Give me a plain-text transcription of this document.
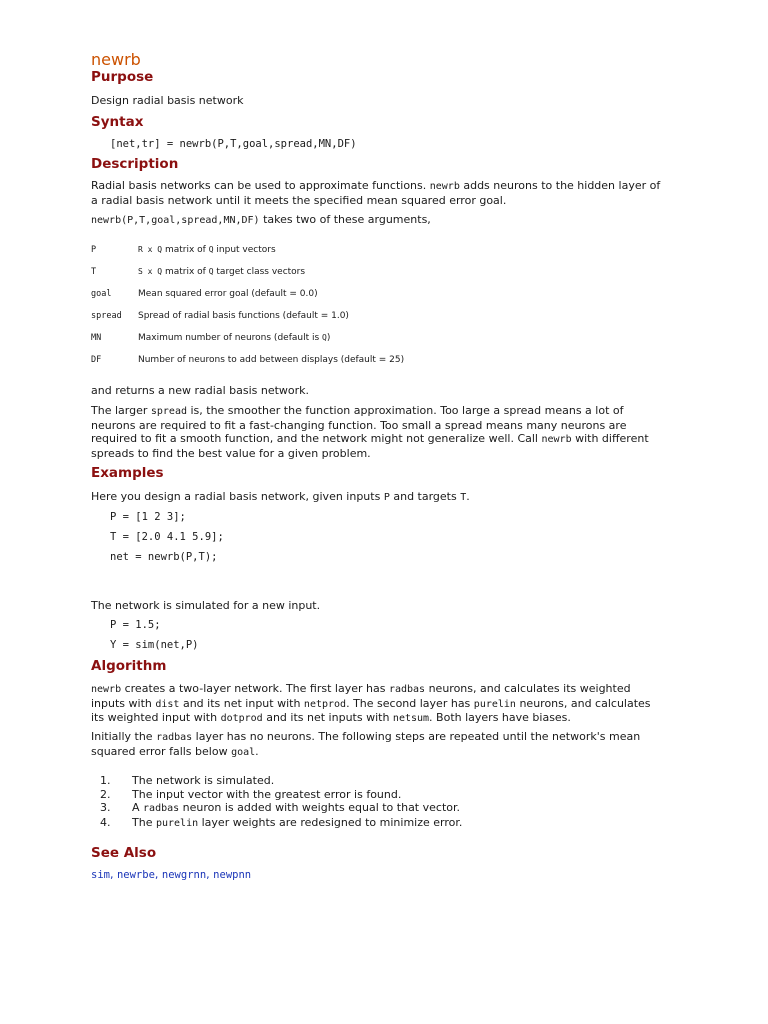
newrb
Purpose

Design radial basis network

Syntax

[net,tr] = newrb(P,T,goal,spread,MN,DF)

Description

Radial basis networks can be used to approximate functions. newrb adds neurons to the hidden layer of
a radial basis network until it meets the specified mean squared error goal.

newrb(P,T,goal,spread,MN,DF) takes two of these arguments,

P	R x Q matrix of Q input vectors
T	S x Q matrix of Q target class vectors
goal	Mean squared error goal (default = 0.0)
spread	Spread of radial basis functions (default = 1.0)
MN	Maximum number of neurons (default is Q)
DF	Number of neurons to add between displays (default = 25)

and returns a new radial basis network.

The larger spread is, the smoother the function approximation. Too large a spread means a lot of
neurons are required to fit a fast-changing function. Too small a spread means many neurons are
required to fit a smooth function, and the network might not generalize well. Call newrb with different
spreads to find the best value for a given problem.

Examples

Here you design a radial basis network, given inputs P and targets T.

P = [1 2 3];

T = [2.0 4.1 5.9];

net = newrb(P,T);

The network is simulated for a new input.

P = 1.5;

Y = sim(net,P)

Algorithm

newrb creates a two-layer network. The first layer has radbas neurons, and calculates its weighted
inputs with dist and its net input with netprod. The second layer has purelin neurons, and calculates
its weighted input with dotprod and its net inputs with netsum. Both layers have biases.

Initially the radbas layer has no neurons. The following steps are repeated until the network's mean
squared error falls below goal.

1.	The network is simulated.
2.	The input vector with the greatest error is found.
3.	A radbas neuron is added with weights equal to that vector.
4.	The purelin layer weights are redesigned to minimize error.
See Also

sim, newrbe, newgrnn, newpnn
